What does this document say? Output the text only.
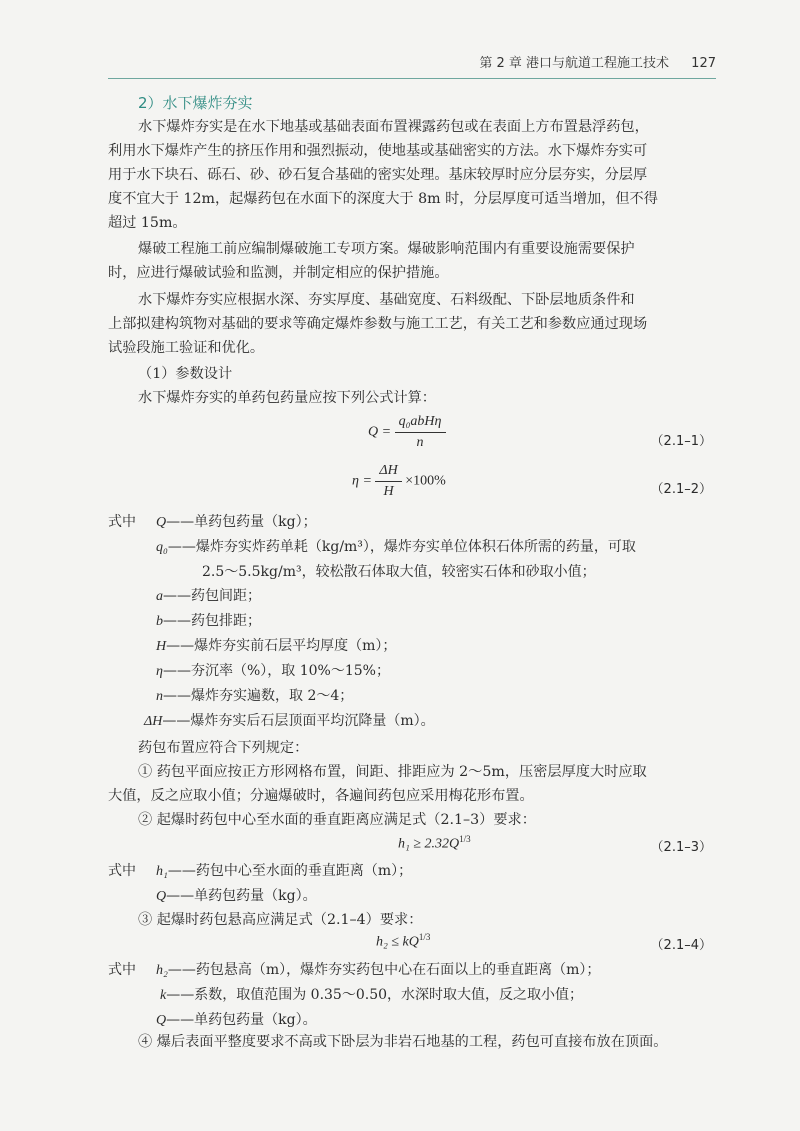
第 2 章 港口与航道工程施工技术 127
2）水下爆炸夯实
水下爆炸夯实是在水下地基或基础表面布置裸露药包或在表面上方布置悬浮药包，
利用水下爆炸产生的挤压作用和强烈振动，使地基或基础密实的方法。水下爆炸夯实可
用于水下块石、砾石、砂、砂石复合基础的密实处理。基床较厚时应分层夯实，分层厚
度不宜大于 12m，起爆药包在水面下的深度大于 8m 时，分层厚度可适当增加，但不得
超过 15m。
爆破工程施工前应编制爆破施工专项方案。爆破影响范围内有重要设施需要保护
时，应进行爆破试验和监测，并制定相应的保护措施。
水下爆炸夯实应根据水深、夯实厚度、基础宽度、石料级配、下卧层地质条件和
上部拟建构筑物对基础的要求等确定爆炸参数与施工工艺，有关工艺和参数应通过现场
试验段施工验证和优化。
（1）参数设计
水下爆炸夯实的单药包药量应按下列公式计算：
$Q = \frac{\text{q₀abHη}}{n}$	（2.1–1）
$\eta = \frac{\Delta H}{H} \times 100\%$
（2.1–2）
式中 Q——单药包药量（kg）；
q₀——爆炸夯实炸药单耗（kg/m³），爆炸夯实单位体积石体所需的药量，可取
2.5～5.5kg/m³，较松散石体取大值，较密实石体和砂取小值；
a——药包间距；
b——药包排距；
H——爆炸夯实前石层平均厚度（m）；
η——夯沉率（%），取 10%～15%；
n——爆炸夯实遍数，取 2～4；
ΔH——爆炸夯实后石层顶面平均沉降量（m）。
药包布置应符合下列规定：
① 药包平面应按正方形网格布置，间距、排距应为 2～5m，压密层厚度大时应取
大值，反之应取小值；分遍爆破时，各遍间药包应采用梅花形布置。
② 起爆时药包中心至水面的垂直距离应满足式（2.1–3）要求：
$h_1 \ge 2.32Q^{1/3}$
（2.1–3）
式中 h₁——药包中心至水面的垂直距离（m）；
Q——单药包药量（kg）。
③ 起爆时药包悬高应满足式（2.1–4）要求：
$h_2 \le kQ^{1/3}$
（2.1–4）
式中 h₂——药包悬高（m），爆炸夯实药包中心在石面以上的垂直距离（m）；
k——系数，取值范围为 0.35～0.50，水深时取大值，反之取小值；
Q——单药包药量（kg）。
④ 爆后表面平整度要求不高或下卧层为非岩石地基的工程，药包可直接布放在顶面。
